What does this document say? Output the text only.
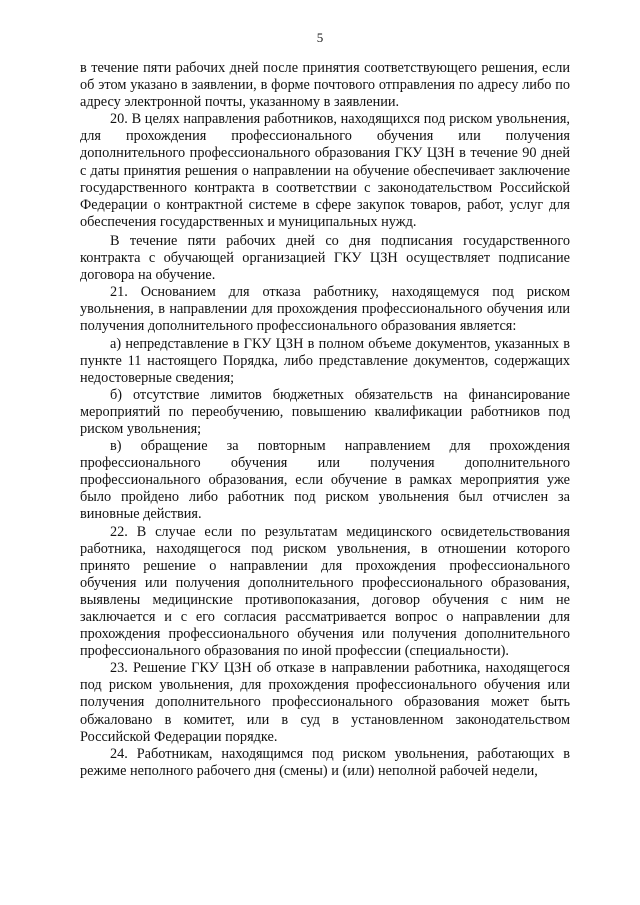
5

в течение пяти рабочих дней после принятия соответствующего решения, если об этом указано в заявлении, в форме почтового отправления по адресу либо по адресу электронной почты, указанному в заявлении.

20. В целях направления работников, находящихся под риском увольнения, для прохождения профессионального обучения или получения дополнительного профессионального образования ГКУ ЦЗН в течение 90 дней с даты принятия решения о направлении на обучение обеспечивает заключение государственного контракта в соответствии с законодательством Российской Федерации о контрактной системе в сфере закупок товаров, работ, услуг для обеспечения государственных и муниципальных нужд.

В течение пяти рабочих дней со дня подписания государственного контракта с обучающей организацией ГКУ ЦЗН осуществляет подписание договора на обучение.

21. Основанием для отказа работнику, находящемуся под риском увольнения, в направлении для прохождения профессионального обучения или получения дополнительного профессионального образования является:

а) непредставление в ГКУ ЦЗН в полном объеме документов, указанных в пункте 11 настоящего Порядка, либо представление документов, содержащих недостоверные сведения;

б) отсутствие лимитов бюджетных обязательств на финансирование мероприятий по переобучению, повышению квалификации работников под риском увольнения;

в) обращение за повторным направлением для прохождения профессионального обучения или получения дополнительного профессионального образования, если обучение в рамках мероприятия уже было пройдено либо работник под риском увольнения был отчислен за виновные действия.

22. В случае если по результатам медицинского освидетельствования работника, находящегося под риском увольнения, в отношении которого принято решение о направлении для прохождения профессионального обучения или получения дополнительного профессионального образования, выявлены медицинские противопоказания, договор обучения с ним не заключается и с его согласия рассматривается вопрос о направлении для прохождения профессионального обучения или получения дополнительного профессионального образования по иной профессии (специальности).

23. Решение ГКУ ЦЗН об отказе в направлении работника, находящегося под риском увольнения, для прохождения профессионального обучения или получения дополнительного профессионального образования может быть обжаловано в комитет, или в суд в установленном законодательством Российской Федерации порядке.

24. Работникам, находящимся под риском увольнения, работающих в режиме неполного рабочего дня (смены) и (или) неполной рабочей недели,
